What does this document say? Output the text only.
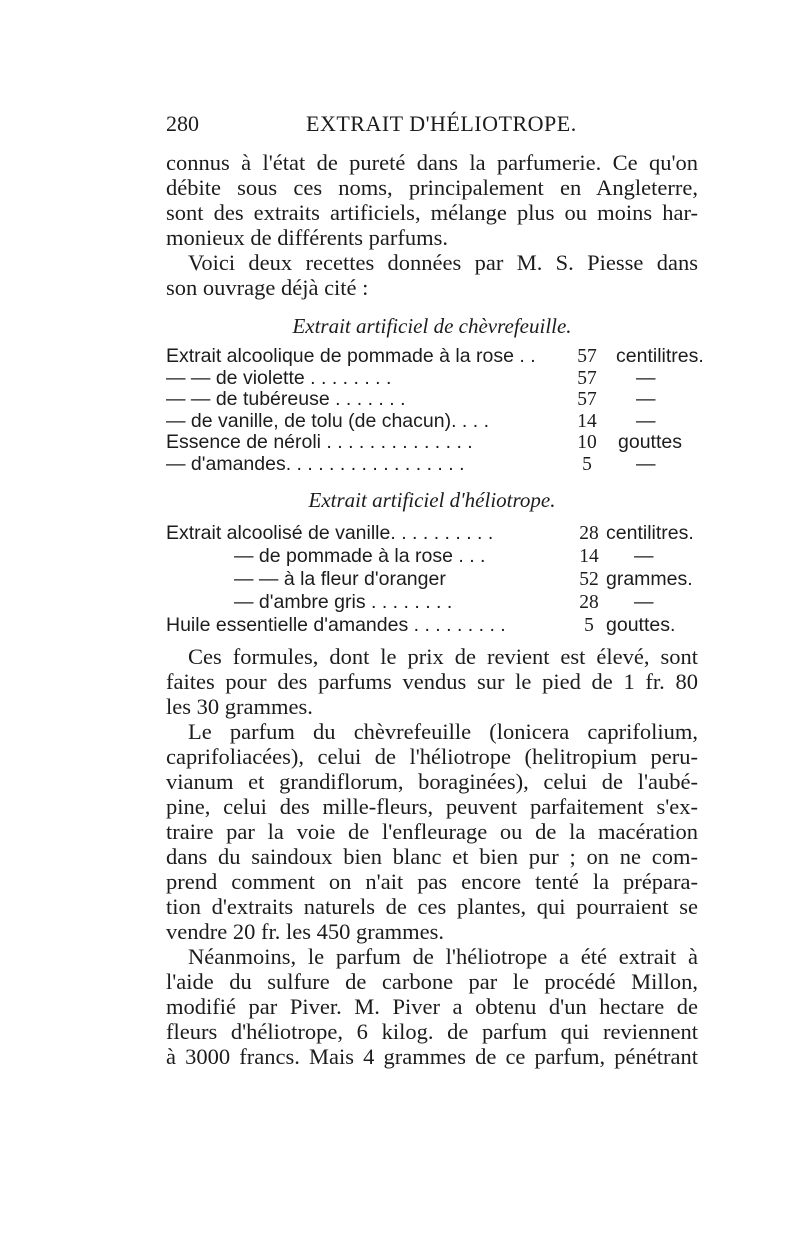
280	EXTRAIT D'HÉLIOTROPE.
connus à l'état de pureté dans la parfumerie. Ce qu'on
débite sous ces noms, principalement en Angleterre,
sont des extraits artificiels, mélange plus ou moins har-
monieux de différents parfums.
Voici deux recettes données par M. S. Piesse dans
son ouvrage déjà cité :
Extrait artificiel de chèvrefeuille.
Extrait alcoolique de pommade à la rose . . 57 centilitres.
— — de violette . . . . . . . .	57 —
— — de tubéreuse . . . . . . .	57 —
— de vanille, de tolu (de chacun). . . .	14 —
Essence de néroli . . . . . . . . . . . . . .	10 gouttes
— d'amandes. . . . . . . . . . . . . . . . .	5	—
Extrait artificiel d'héliotrope.
Extrait alcoolisé de vanille. . . . . . . . . .	28 centilitres.
— de pommade à la rose . . .	14 —
— — à la fleur d'oranger	52 grammes.
— d'ambre gris . . . . . . . .	28 —
Huile essentielle d'amandes . . . . . . . . .	5 gouttes.
Ces formules, dont le prix de revient est élevé, sont
faites pour des parfums vendus sur le pied de 1 fr. 80
les 30 grammes.
Le parfum du chèvrefeuille (lonicera caprifolium,
caprifoliacées), celui de l'héliotrope (helitropium peru-
vianum et grandiflorum, boraginées), celui de l'aubé-
pine, celui des mille-fleurs, peuvent parfaitement s'ex-
traire par la voie de l'enfleurage ou de la macération
dans du saindoux bien blanc et bien pur ; on ne com-
prend comment on n'ait pas encore tenté la prépara-
tion d'extraits naturels de ces plantes, qui pourraient se
vendre 20 fr. les 450 grammes.
Néanmoins, le parfum de l'héliotrope a été extrait à
l'aide du sulfure de carbone par le procédé Millon,
modifié par Piver. M. Piver a obtenu d'un hectare de
fleurs d'héliotrope, 6 kilog. de parfum qui reviennent
à 3000 francs. Mais 4 grammes de ce parfum, pénétrant
